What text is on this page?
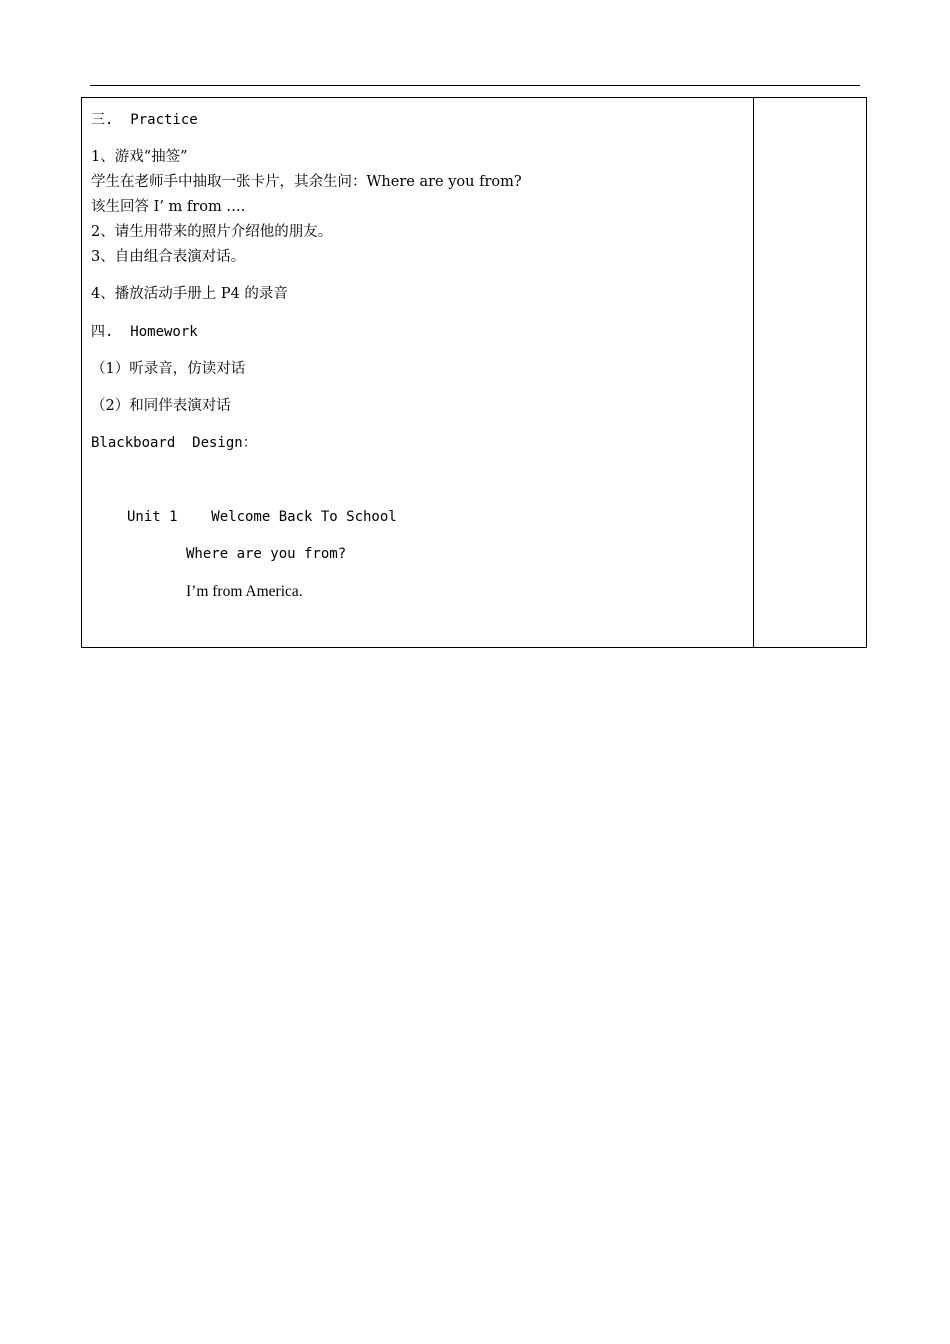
三.  Practice
1、游戏“抽签”
学生在老师手中抽取一张卡片，其余生问：Where are you from?
该生回答 I’ m from ….
2、请生用带来的照片介绍他的朋友。
3、自由组合表演对话。
4、播放活动手册上 P4 的录音
四.  Homework
（1）听录音，仿读对话
（2）和同伴表演对话
Blackboard  Design：
Unit 1    Welcome Back To School
Where are you from?
I’m from America.
